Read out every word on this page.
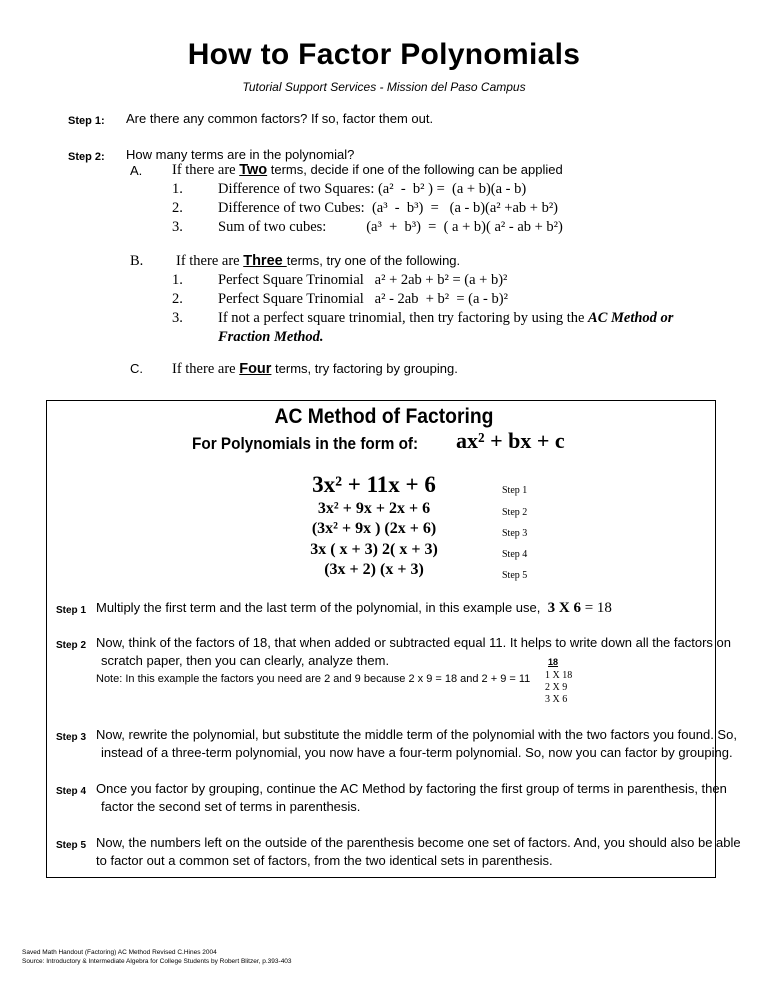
How to Factor Polynomials
Tutorial Support Services - Mission del Paso Campus
Step 1: Are there any common factors? If so, factor them out.
Step 2: How many terms are in the polynomial?
A. If there are Two terms, decide if one of the following can be applied
1. Difference of two Squares: (a²  -  b² ) =  (a + b)(a - b)
2. Difference of two Cubes:  (a³  -  b³)  =   (a - b)(a² +ab + b²)
3. Sum of two cubes:           (a³  +  b³)  =  ( a + b)( a² - ab + b²)
B. If there are Three terms, try one of the following.
1. Perfect Square Trinomial   a² + 2ab + b² = (a + b)²
2. Perfect Square Trinomial   a² - 2ab  + b²  = (a - b)²
3. If not a perfect square trinomial, then try factoring by using the AC Method or
Fraction Method.
C. If there are Four terms, try factoring by grouping.
AC Method of Factoring
For Polynomials in the form of: ax² + bx + c
3x² + 11x + 6	Step 1
3x² + 9x + 2x + 6	Step 2
(3x² + 9x ) (2x + 6)	Step 3
3x ( x + 3) 2( x + 3)	Step 4
(3x + 2) (x + 3)	Step 5
Step 1 Multiply the first term and the last term of the polynomial, in this example use, 3 X 6 = 18
Step 2 Now, think of the factors of 18, that when added or subtracted equal 11. It helps to write down all the factors on
scratch paper, then you can clearly, analyze them.
Note: In this example the factors you need are 2 and 9 because 2 x 9 = 18 and 2 + 9 = 11
18
1 X 18
2 X 9
3 X 6
Step 3 Now, rewrite the polynomial, but substitute the middle term of the polynomial with the two factors you found. So,
instead of a three-term polynomial, you now have a four-term polynomial. So, now you can factor by grouping.
Step 4 Once you factor by grouping, continue the AC Method by factoring the first group of terms in parenthesis, then
factor the second set of terms in parenthesis.
Step 5 Now, the numbers left on the outside of the parenthesis become one set of factors. And, you should also be able
to factor out a common set of factors, from the two identical sets in parenthesis.
Saved Math Handout (Factoring) AC Method Revised C.Hines 2004
Source: Introductory & Intermediate Algebra for College Students by Robert Blitzer, p.393-403
